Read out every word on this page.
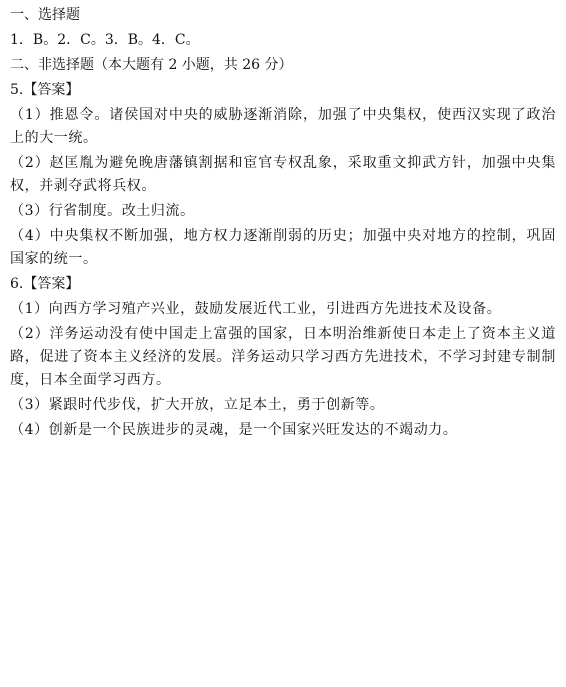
一、选择题

1．B。2．C。3．B。4．C。

二、非选择题（本大题有 2 小题，共 26 分）

5.【答案】

（1）推恩令。诸侯国对中央的威胁逐渐消除，加强了中央集权，使西汉实现了政治上的大一统。

（2）赵匡胤为避免晚唐藩镇割据和宦官专权乱象，采取重文抑武方针，加强中央集权，并剥夺武将兵权。

（3）行省制度。改土归流。

（4）中央集权不断加强，地方权力逐渐削弱的历史；加强中央对地方的控制，巩固国家的统一。

6.【答案】

（1）向西方学习殖产兴业，鼓励发展近代工业，引进西方先进技术及设备。

（2）洋务运动没有使中国走上富强的国家，日本明治维新使日本走上了资本主义道路，促进了资本主义经济的发展。洋务运动只学习西方先进技术，不学习封建专制制度，日本全面学习西方。

（3）紧跟时代步伐，扩大开放，立足本土，勇于创新等。

（4）创新是一个民族进步的灵魂，是一个国家兴旺发达的不竭动力。
